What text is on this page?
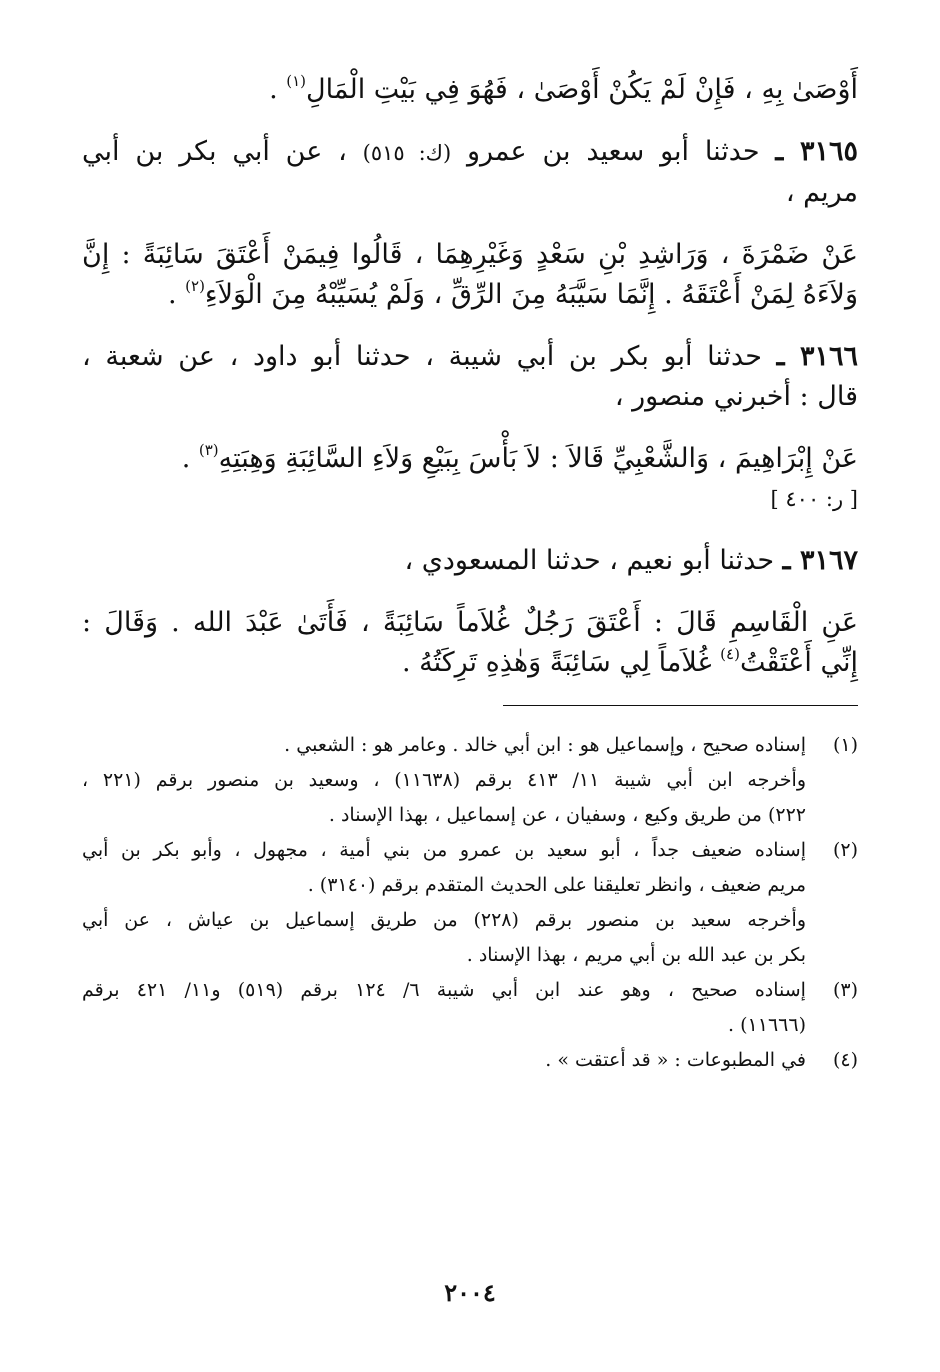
أَوْصَىٰ بِهِ ، فَإِنْ لَمْ يَكُنْ أَوْصَىٰ ، فَهُوَ فِي بَيْتِ الْمَالِ$^{(١)}$ .
٣١٦٥ ـ حدثنا أبو سعيد بن عمرو (ك: ٥١٥) ، عن أبي بكر بن أبي
مريم ،
عَنْ ضَمْرَةَ ، وَرَاشِدِ بْنِ سَعْدٍ وَغَيْرِهِمَا ، قَالُوا فِيمَنْ أَعْتَقَ سَائِبَةً : إِنَّ
وَلاَءَهُ لِمَنْ أَعْتَقَهُ . إِنَّمَا سَيَّبَهُ مِنَ الرِّقِّ ، وَلَمْ يُسَيِّبْهُ مِنَ الْوَلاَءِ$^{(٢)}$ .
٣١٦٦ ـ حدثنا أبو بكر بن أبي شيبة ، حدثنا أبو داود ، عن شعبة ،
قال : أخبرني منصور ،
عَنْ إِبْرَاهِيمَ ، وَالشَّعْبِيِّ قَالاَ : لاَ بَأْسَ بِبَيْعِ وَلاَءِ السَّائِبَةِ وَهِبَتِهِ$^{(٣)}$ .
[ ر: ٤٠٠ ]
٣١٦٧ ـ حدثنا أبو نعيم ، حدثنا المسعودي ،
عَنِ الْقَاسِمِ قَالَ : أَعْتَقَ رَجُلٌ غُلاَماً سَائِبَةً ، فَأَتَىٰ عَبْدَ الله . وَقَالَ :
إِنِّي أَعْتَقْتُ$^{(٤)}$ غُلاَماً لِي سَائِبَةً وَهٰذِهِ تَرِكَتُهُ .
(١)
إسناده صحيح ، وإسماعيل هو : ابن أبي خالد . وعامر هو : الشعبي .
وأخرجه ابن أبي شيبة ١١/ ٤١٣ برقم (١١٦٣٨) ، وسعيد بن منصور برقم (٢٢١ ،
٢٢٢) من طريق وكيع ، وسفيان ، عن إسماعيل ، بهذا الإسناد .
(٢)
إسناده ضعيف جداً ، أبو سعيد بن عمرو من بني أمية ، مجهول ، وأبو بكر بن أبي
مريم ضعيف ، وانظر تعليقنا على الحديث المتقدم برقم (٣١٤٠) .
وأخرجه سعيد بن منصور برقم (٢٢٨) من طريق إسماعيل بن عياش ، عن أبي
بكر بن عبد الله بن أبي مريم ، بهذا الإسناد .
(٣)
إسناده صحيح ، وهو عند ابن أبي شيبة ٦/ ١٢٤ برقم (٥١٩) و١١/ ٤٢١ برقم
(١١٦٦٦) .
(٤)
في المطبوعات : « قد أعتقت » .
٢٠٠٤
